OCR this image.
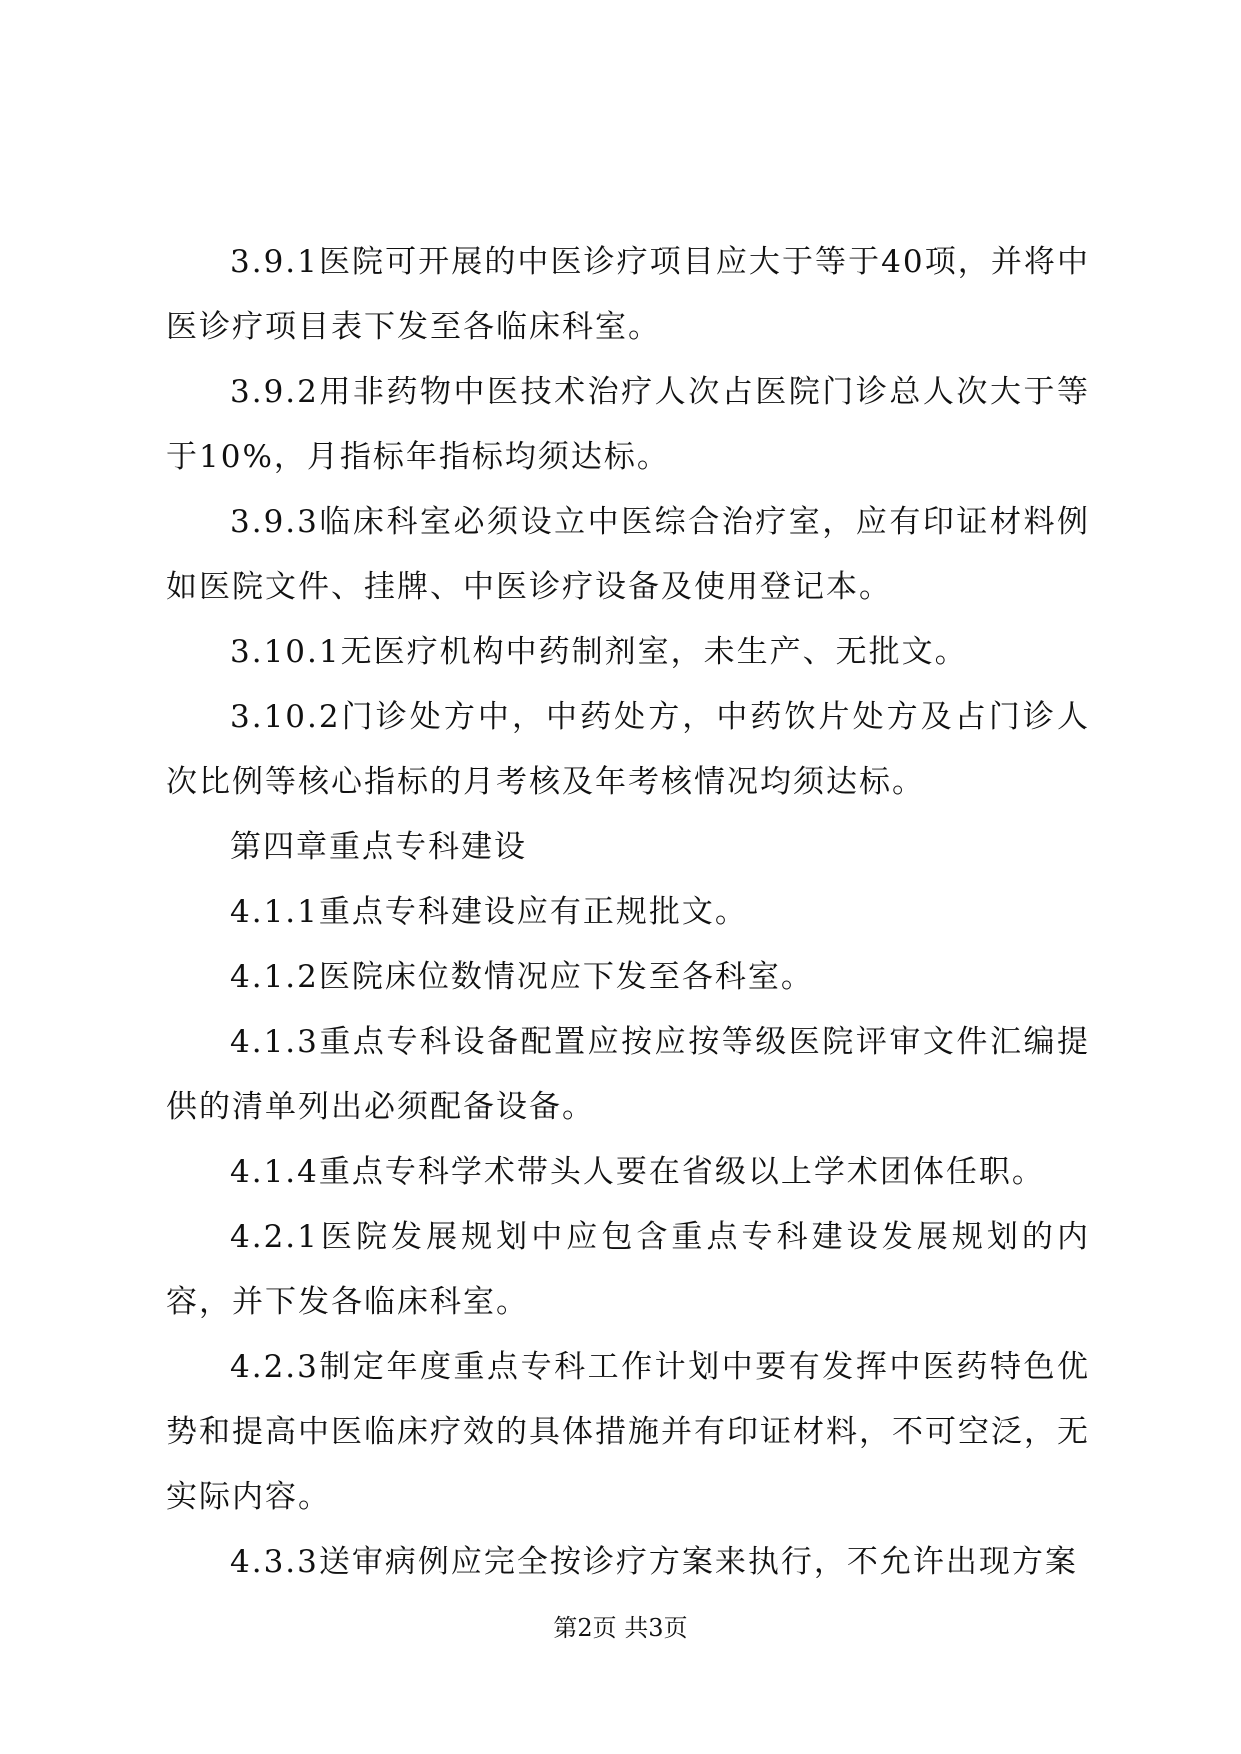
3.9.1医院可开展的中医诊疗项目应大于等于40项，并将中医诊疗项目表下发至各临床科室。

3.9.2用非药物中医技术治疗人次占医院门诊总人次大于等于10%，月指标年指标均须达标。

3.9.3临床科室必须设立中医综合治疗室，应有印证材料例如医院文件、挂牌、中医诊疗设备及使用登记本。

3.10.1无医疗机构中药制剂室，未生产、无批文。

3.10.2门诊处方中，中药处方，中药饮片处方及占门诊人次比例等核心指标的月考核及年考核情况均须达标。

第四章重点专科建设

4.1.1重点专科建设应有正规批文。

4.1.2医院床位数情况应下发至各科室。

4.1.3重点专科设备配置应按应按等级医院评审文件汇编提供的清单列出必须配备设备。

4.1.4重点专科学术带头人要在省级以上学术团体任职。

4.2.1医院发展规划中应包含重点专科建设发展规划的内容，并下发各临床科室。

4.2.3制定年度重点专科工作计划中要有发挥中医药特色优势和提高中医临床疗效的具体措施并有印证材料，不可空泛，无实际内容。

4.3.3送审病例应完全按诊疗方案来执行，不允许出现方案

第2页 共3页
